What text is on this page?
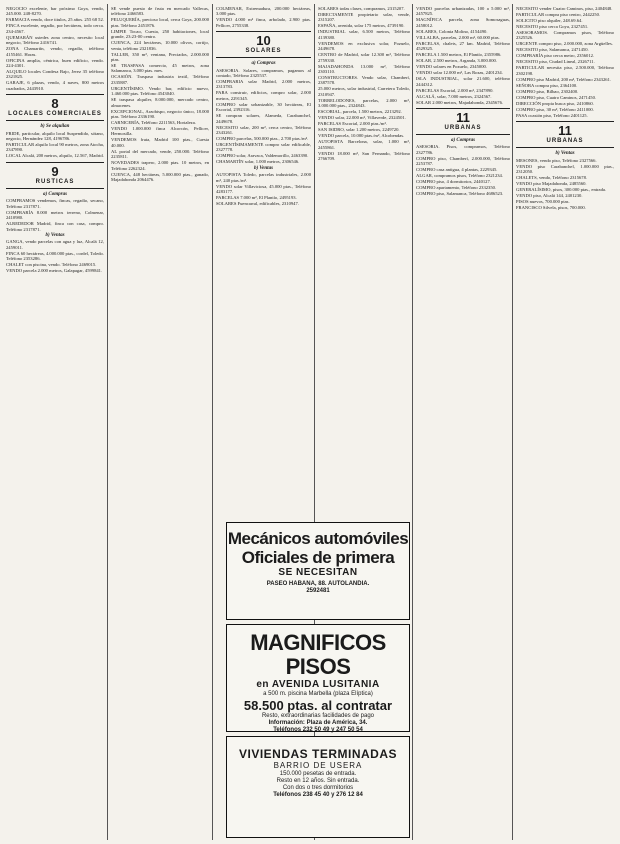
NEGOCIO excelente, bar próximo Goya, vendo, 245.000. 248-8270.

FARMACIA vendo, doce titulos, 25 años. 255 68 52.

FINCA excelente, regadío, por hectáreas, todo cerca. 234-4567.

QUEMARÁN ustedes zona centro, necesito local negocio, Teléfono 2416741.

ZONA Chamartín, vendo, regadío, teléfono 4155461. Horas.

OFICINA amplia, céntrica, buen edificio, vendo. 224-4301.

ALQUILO locales Condesa Bajo, Jerez 35 teléfono 2321825.

GARAJE, 6 plazas, vendo, 4 naves, 800 metros cuadrados, 2443910.

8
LOCALES COMERCIALES
b) Se alquilan

FRIDE, particular, alquilo local Suspendido, sótano, negocio, Hernández 128, 4196786.

PARTICULAR alquilo local 90 metros, zona Atocha, 2347890.

LOCAL Alcalá, 200 metros, alquilo, 12.567, Madrid.

9
RUSTICAS
a) Compras

COMPRAMOS vendemos, fincas, regadío, secano, Teléfono 2317871.

COMPRARÍA 8.000 metros terreno, Colmenar, 2410980.

ALREDEDOR Madrid, finca con casa, compro. Teléfono 2317871.

b) Ventas

GANGA, vendo parcelas con agua y luz, Alcalá 12, 2459011.

FINCA 60 hectáreas, 4.000.000 ptas., cordel, Toledo. Teléfono 2353286.

CHALET con piscina, vendo. Teléfono 2469015.

VENDO parcela 2.000 metros, Galapagar, 4599841.

SE vende puesto de fruta en mercado Vallecas, teléfono 2466583.

PELUQUERÍA, precioso local, cerca Goya, 200.000 ptas. Teléfono 2451876.

LIMPIE Tocao, Cuesta, 250 habitaciones, local grande, 23:23-00 centro.

CUENCA, 224 hectáreas, 10.000 olivos, cortijo, venta, teléfono 2321836.

TALLER, 350 m², ventana, Preciados, 2.000.000 ptas.

SE TRASPASA comercio, 45 metros, zona Salamanca, 3.000 ptas. mes.

OCASIÓN. Traspaso industria textil, Teléfono 2335887.

URGENTÍSIMO. Vendo bar, edificio nuevo, 1.460.000 ptas. Teléfono 4543040.

SE traspasa alquiler, 8.000.000, mercado centro, almacenes.

EXCEPCIONAL, Arzobispo, negocio único, 18.000 ptas. Teléfono 2336190.

CARNICERÍA, Teléfono 2211563, Hortaleza.

VENDO 1.000.000 finca Alcorcón, Pellicer, Hermosilla.

VENDEMOS fruta, Madrid 100 ptas., Cuesta 40.000.

AL portal del mercado, vende, 250.000. Teléfono 2235811.

NOVEDADES trapero, 2.000 ptas. 10 metros, en Teléfono 2262324.

CUENCA, 448 hectáreas, 5.000.000 ptas., ganado, Majadahonda 2064476.

COLMENAR, Extremadura, 200.000 hectáreas, 3.000 ptas.

VENDO 4.000 m² finca, arbolado, 2.900 ptas. Pellicer, 2755338.

10
SOLARES
a) Compras

ASESORIA. Solares, compramos, pagamos al contado, Teléfono 2325537.

COMPRARIA solar Madrid, 2.000 metros, 2313783.

PARA construir, edificios, compro solar, 2.000 metros, 2291345.

COMPRO solar urbanizable, 30 hectáreas, El Escorial, 2392316.

SE compran solares, Alameda, Carabanchel, 2449678.

NECESITO solar, 200 m², cerca centro, Teléfono 2343261.

COMPRO parcelas, 500.000 ptas., 2.700 ptas./m².

URGENTÍSIMAMENTE compro solar edificable, 2327778.

COMPRO solar, Aravaca, Valdemorillo, 2463390.

CHAMARTÍN solar, 1.000 metros, 2306546.

b) Ventas

AUTOPISTA Toledo, parcelas industriales, 2.000 m², 240 ptas./m².

VENDO solar Villaviciosa, 45.000 ptas., Teléfono 4283177.

PARCELAS 7.000 m², El Plantío, 2495193.

SOLARES Fuencarral, edificables, 2310947.

SOLARES todas clases, compramos, 2315207.

DIRECTAMENTE propietario solar, vende, 2315207.

ESPAÑA, avenida, solar 175 metros, 4739190.

INDUSTRIAL solar, 6.500 metros, Teléfono 4139380.

VENDEMOS en exclusiva solar, Pozuelo, 2449678.

CENTRO de Madrid, solar 12.300 m², Teléfono 2759330.

MAJADAHONDA 13.000 m², Teléfono 2303110.

CONSTRUCTORES. Vendo solar, Chamberí, 2387578.

25.000 metros, solar industrial, Carretera Toledo, 2310947.

TORRELODONES, parcelas, 2.000 m², 3.000.000 ptas., 2324843.

ESCORIAL, parcela, 1.500 metros, 2213292.

VENDO solar, 22.000 m², Villaverde, 2324501.

PARCELAS Escorial, 2.000 ptas./m².

SAN ISIDRO, solar 1.200 metros, 2249720.

VENDO parcela, 10.000 ptas./m², Alcobendas.

AUTOPISTA Barcelona, solar, 1.000 m², 2455861.

VENDO 18.000 m², San Fernando, Teléfono 2766709.

VENDO parcelas urbanizadas, 100 a 5.000 m², 2457825.

MAGNÍFICA parcela, zona Somosaguas, 2458012.

SOLARES, Colonia Molino, 4154490.

VILLALBA, parcelas, 2.000 m², 60.000 ptas.

PARCELAS, chalets, 27 km. Madrid, Teléfono 4529325.

PARCELA 1.500 metros, El Plantío, 2355986.

SOLAR, 2.500 metros, Arganda, 3.000.000.

VENDO solares en Pozuelo, 2345000.

VENDO solar 12.000 m², Las Rozas, 2401234.

ISLA INDUSTRIAL, solar 21.600, teléfono 2444312.

PARCELAS Escorial, 2.000 m², 2347890.

ALCALÁ, solar, 7.000 metros, 2324567.

SOLAR 2.000 metros, Majadahonda, 2345676.

11
URBANAS
a) Compras

ASESORIA. Pisos, compramos, Teléfono 2327786.

COMPRO piso, Chamberí, 2.000.000, Teléfono 2253787.

COMPRO casa antigua, 4 plantas, 2229345.

ALGAR, compramos pisos, Teléfono 2321234.

COMPRO piso, 4 dormitorios, 2440127.

COMPRO apartamento, Teléfono 2332350.

COMPRO piso, Salamanca, Teléfono 4686523.

NECESITO vender Cuatro Caminos, piso, 2404848.

PARTICULAR compra piso centro, 2442250.

SOLICITO piso alquiler, 248.69.64.

NECESITO piso cerca Goya, 2327451.

ASESORAMOS. Compramos pisos, Teléfono 2325526.

URGENTE compro piso, 2.000.000, zona Argüelles.

NECESITO piso, Salamanca, 2471450.

COMPRARÍA piso cerca metro, 2356012.

NECESITO piso, Ciudad Lineal, 2326711.

PARTICULAR necesita piso, 2.500.000, Teléfono 2302198.

COMPRO piso Madrid, 200 m², Teléfono 2343261.

SEÑORA compra piso, 2364100.

COMPRO piso, Bilbao, 2302400.

COMPRO piso, Cuatro Caminos, 2471450.

DIRECCIÓN propia busca piso, 2410860.

COMPRO piso, 30 m², Teléfono 2411000.

PASA ocasión piso, Teléfono 2401125.

11
URBANAS
b) Ventas

MESONES, vendo piso, Teléfono 2327566.

VENDO piso Carabanchel, 1.000.000 ptas., 2312050.

CHALETS, vendo, Teléfono 2315678.

VENDO piso Majadahonda, 2485560.

GENERALÍSIMO, pisos, 300.000 ptas., entrada.

VENDO piso, Alcalá 144, 2401230.

PISOS nuevos, 700.000 ptas.

FRANCISCO Silvela, pisos, 700.000.

Mecánicos automóviles
Oficiales de primera
SE NECESITAN
PASEO HABANA, 88. AUTOLANDIA.
2592481
MAGNIFICOS PISOS
en AVENIDA LUSITANIA
a 500 m. piscina Marbella (plaza Elíptica)
58.500 ptas. al contratar
Resto, extraordinarias facilidades de pago
Información: Plaza de América, 34.
Teléfonos 232 50 49 y 247 50 54
VIVIENDAS TERMINADAS
BARRIO DE USERA
150.000 pesetas de entrada.
Resto en 12 años. Sin entrada.
Con dos o tres dormitorios
Teléfonos 238 45 40 y 276 12 84
